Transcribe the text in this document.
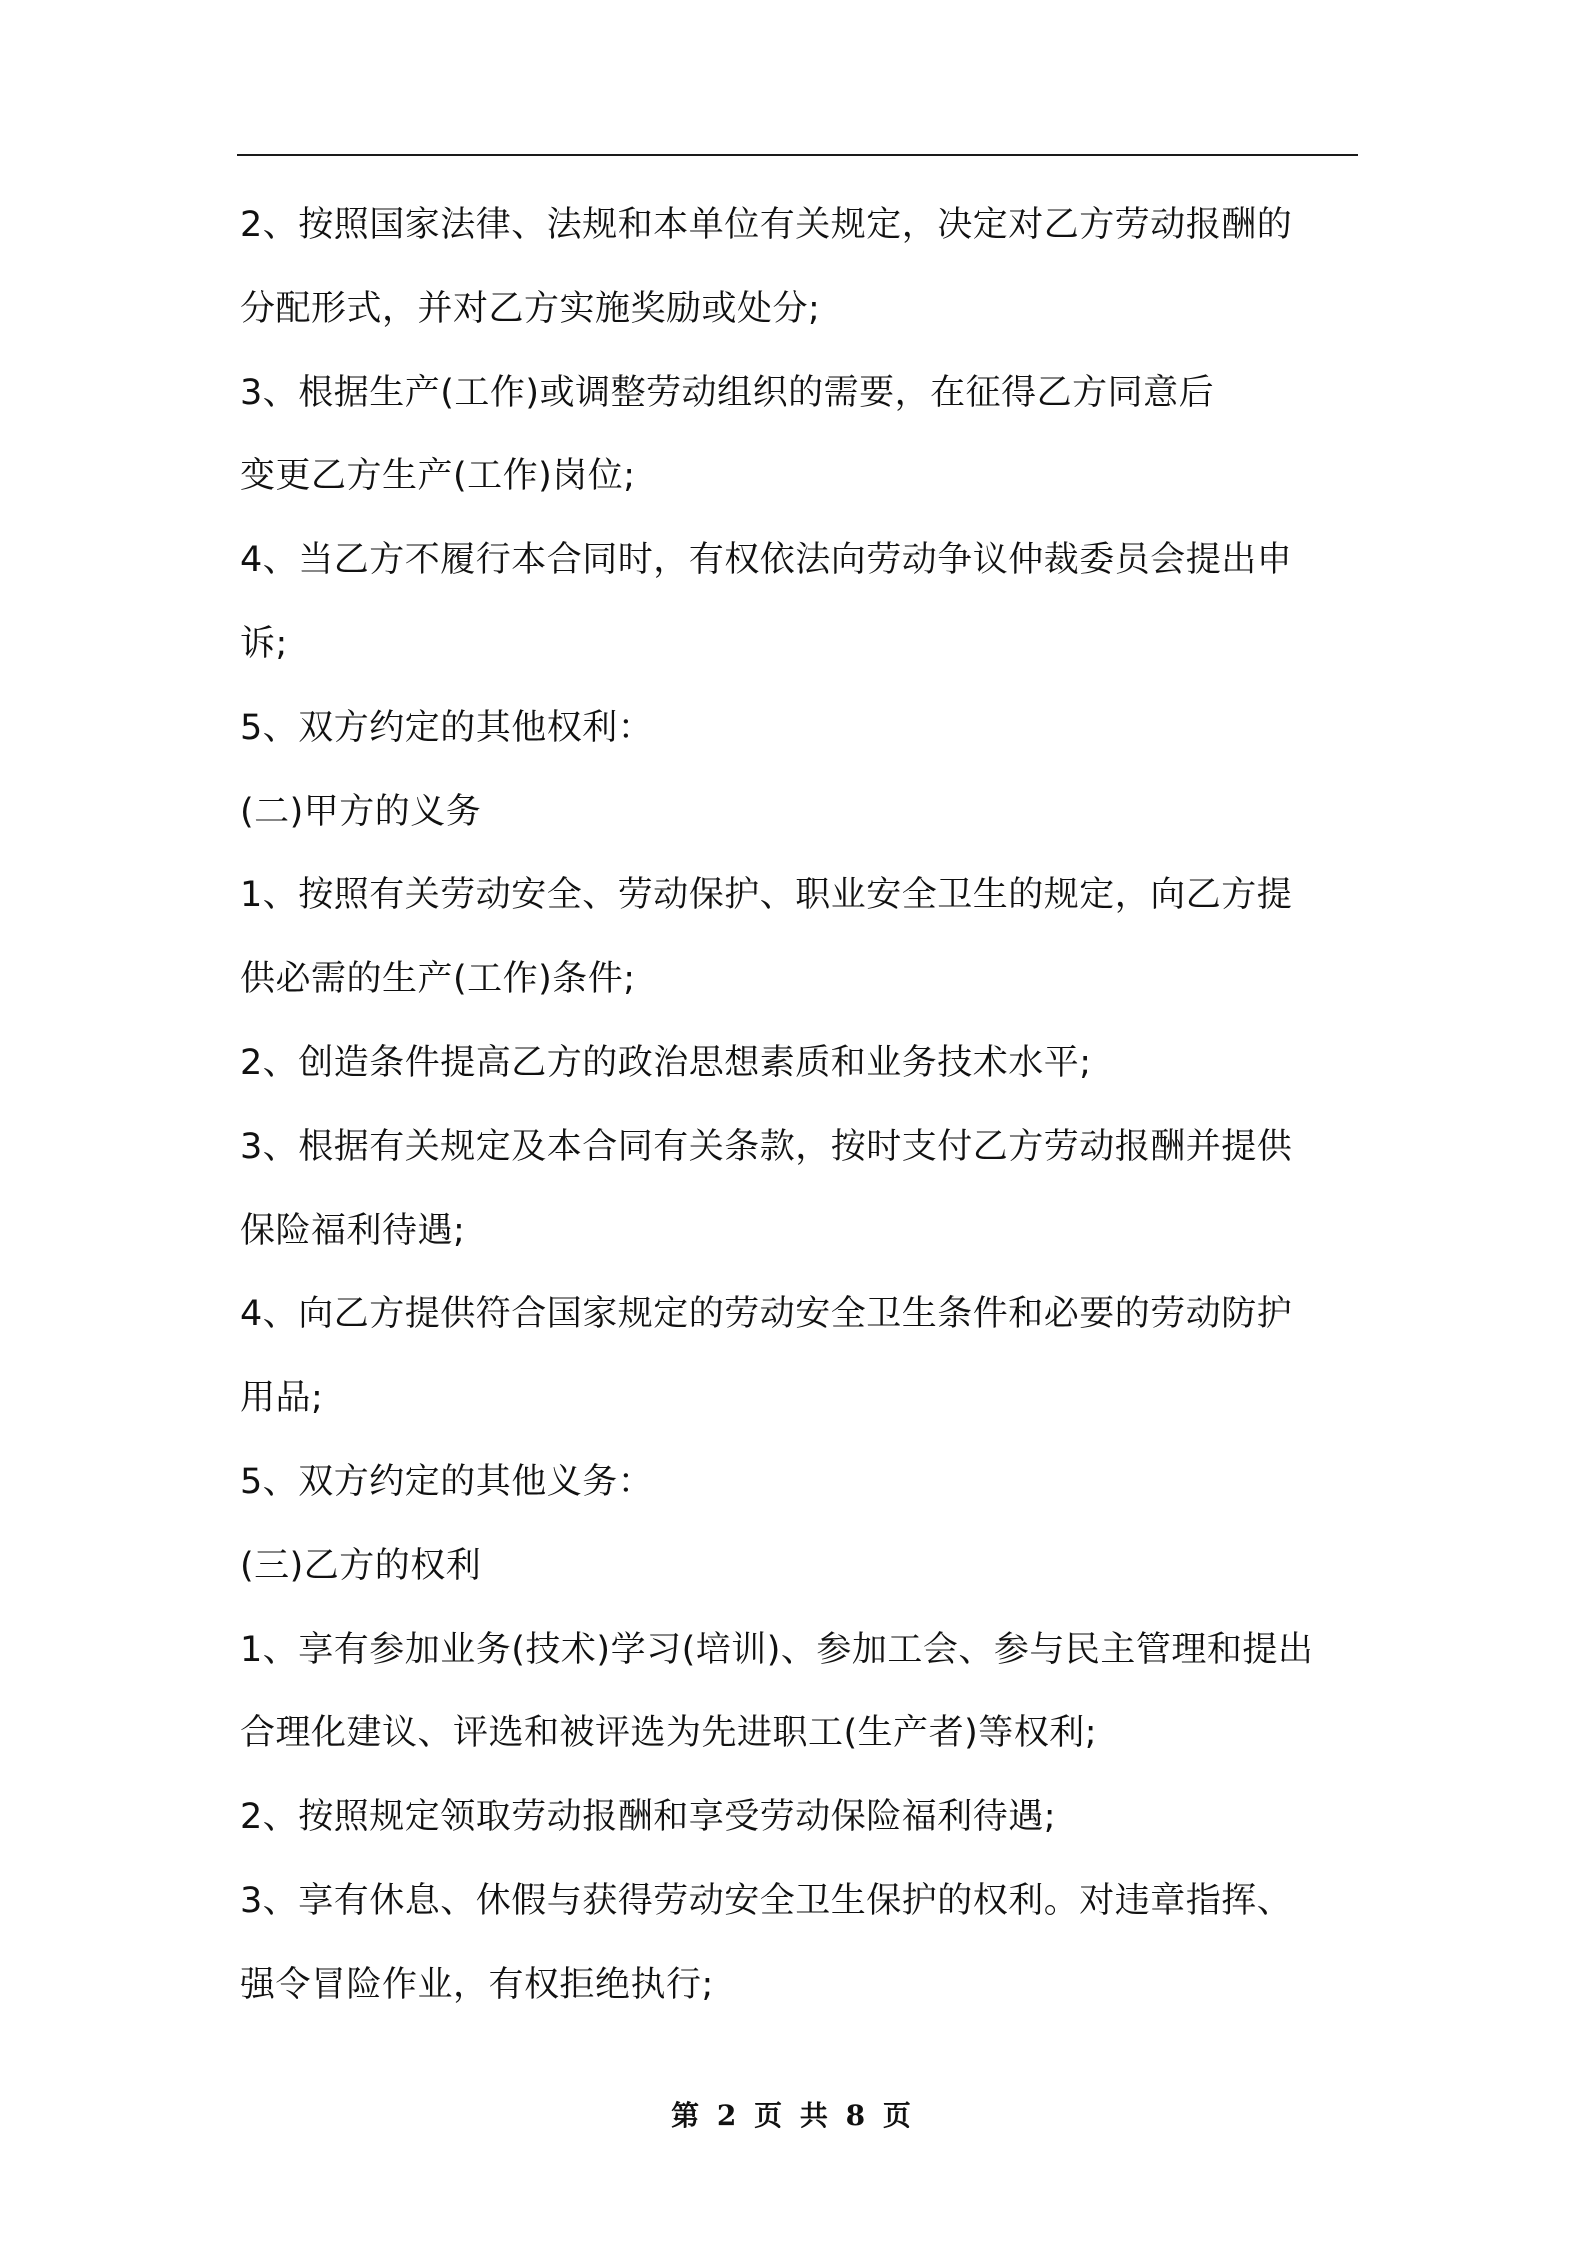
2、按照国家法律、法规和本单位有关规定，决定对乙方劳动报酬的
分配形式，并对乙方实施奖励或处分;
3、根据生产(工作)或调整劳动组织的需要，在征得乙方同意后
变更乙方生产(工作)岗位;
4、当乙方不履行本合同时，有权依法向劳动争议仲裁委员会提出申
诉;
5、双方约定的其他权利：
(二)甲方的义务
1、按照有关劳动安全、劳动保护、职业安全卫生的规定，向乙方提
供必需的生产(工作)条件;
2、创造条件提高乙方的政治思想素质和业务技术水平;
3、根据有关规定及本合同有关条款，按时支付乙方劳动报酬并提供
保险福利待遇;
4、向乙方提供符合国家规定的劳动安全卫生条件和必要的劳动防护
用品;
5、双方约定的其他义务：
(三)乙方的权利
1、享有参加业务(技术)学习(培训)、参加工会、参与民主管理和提出
合理化建议、评选和被评选为先进职工(生产者)等权利;
2、按照规定领取劳动报酬和享受劳动保险福利待遇;
3、享有休息、休假与获得劳动安全卫生保护的权利。对违章指挥、
强令冒险作业，有权拒绝执行;
第 2 页 共 8 页
